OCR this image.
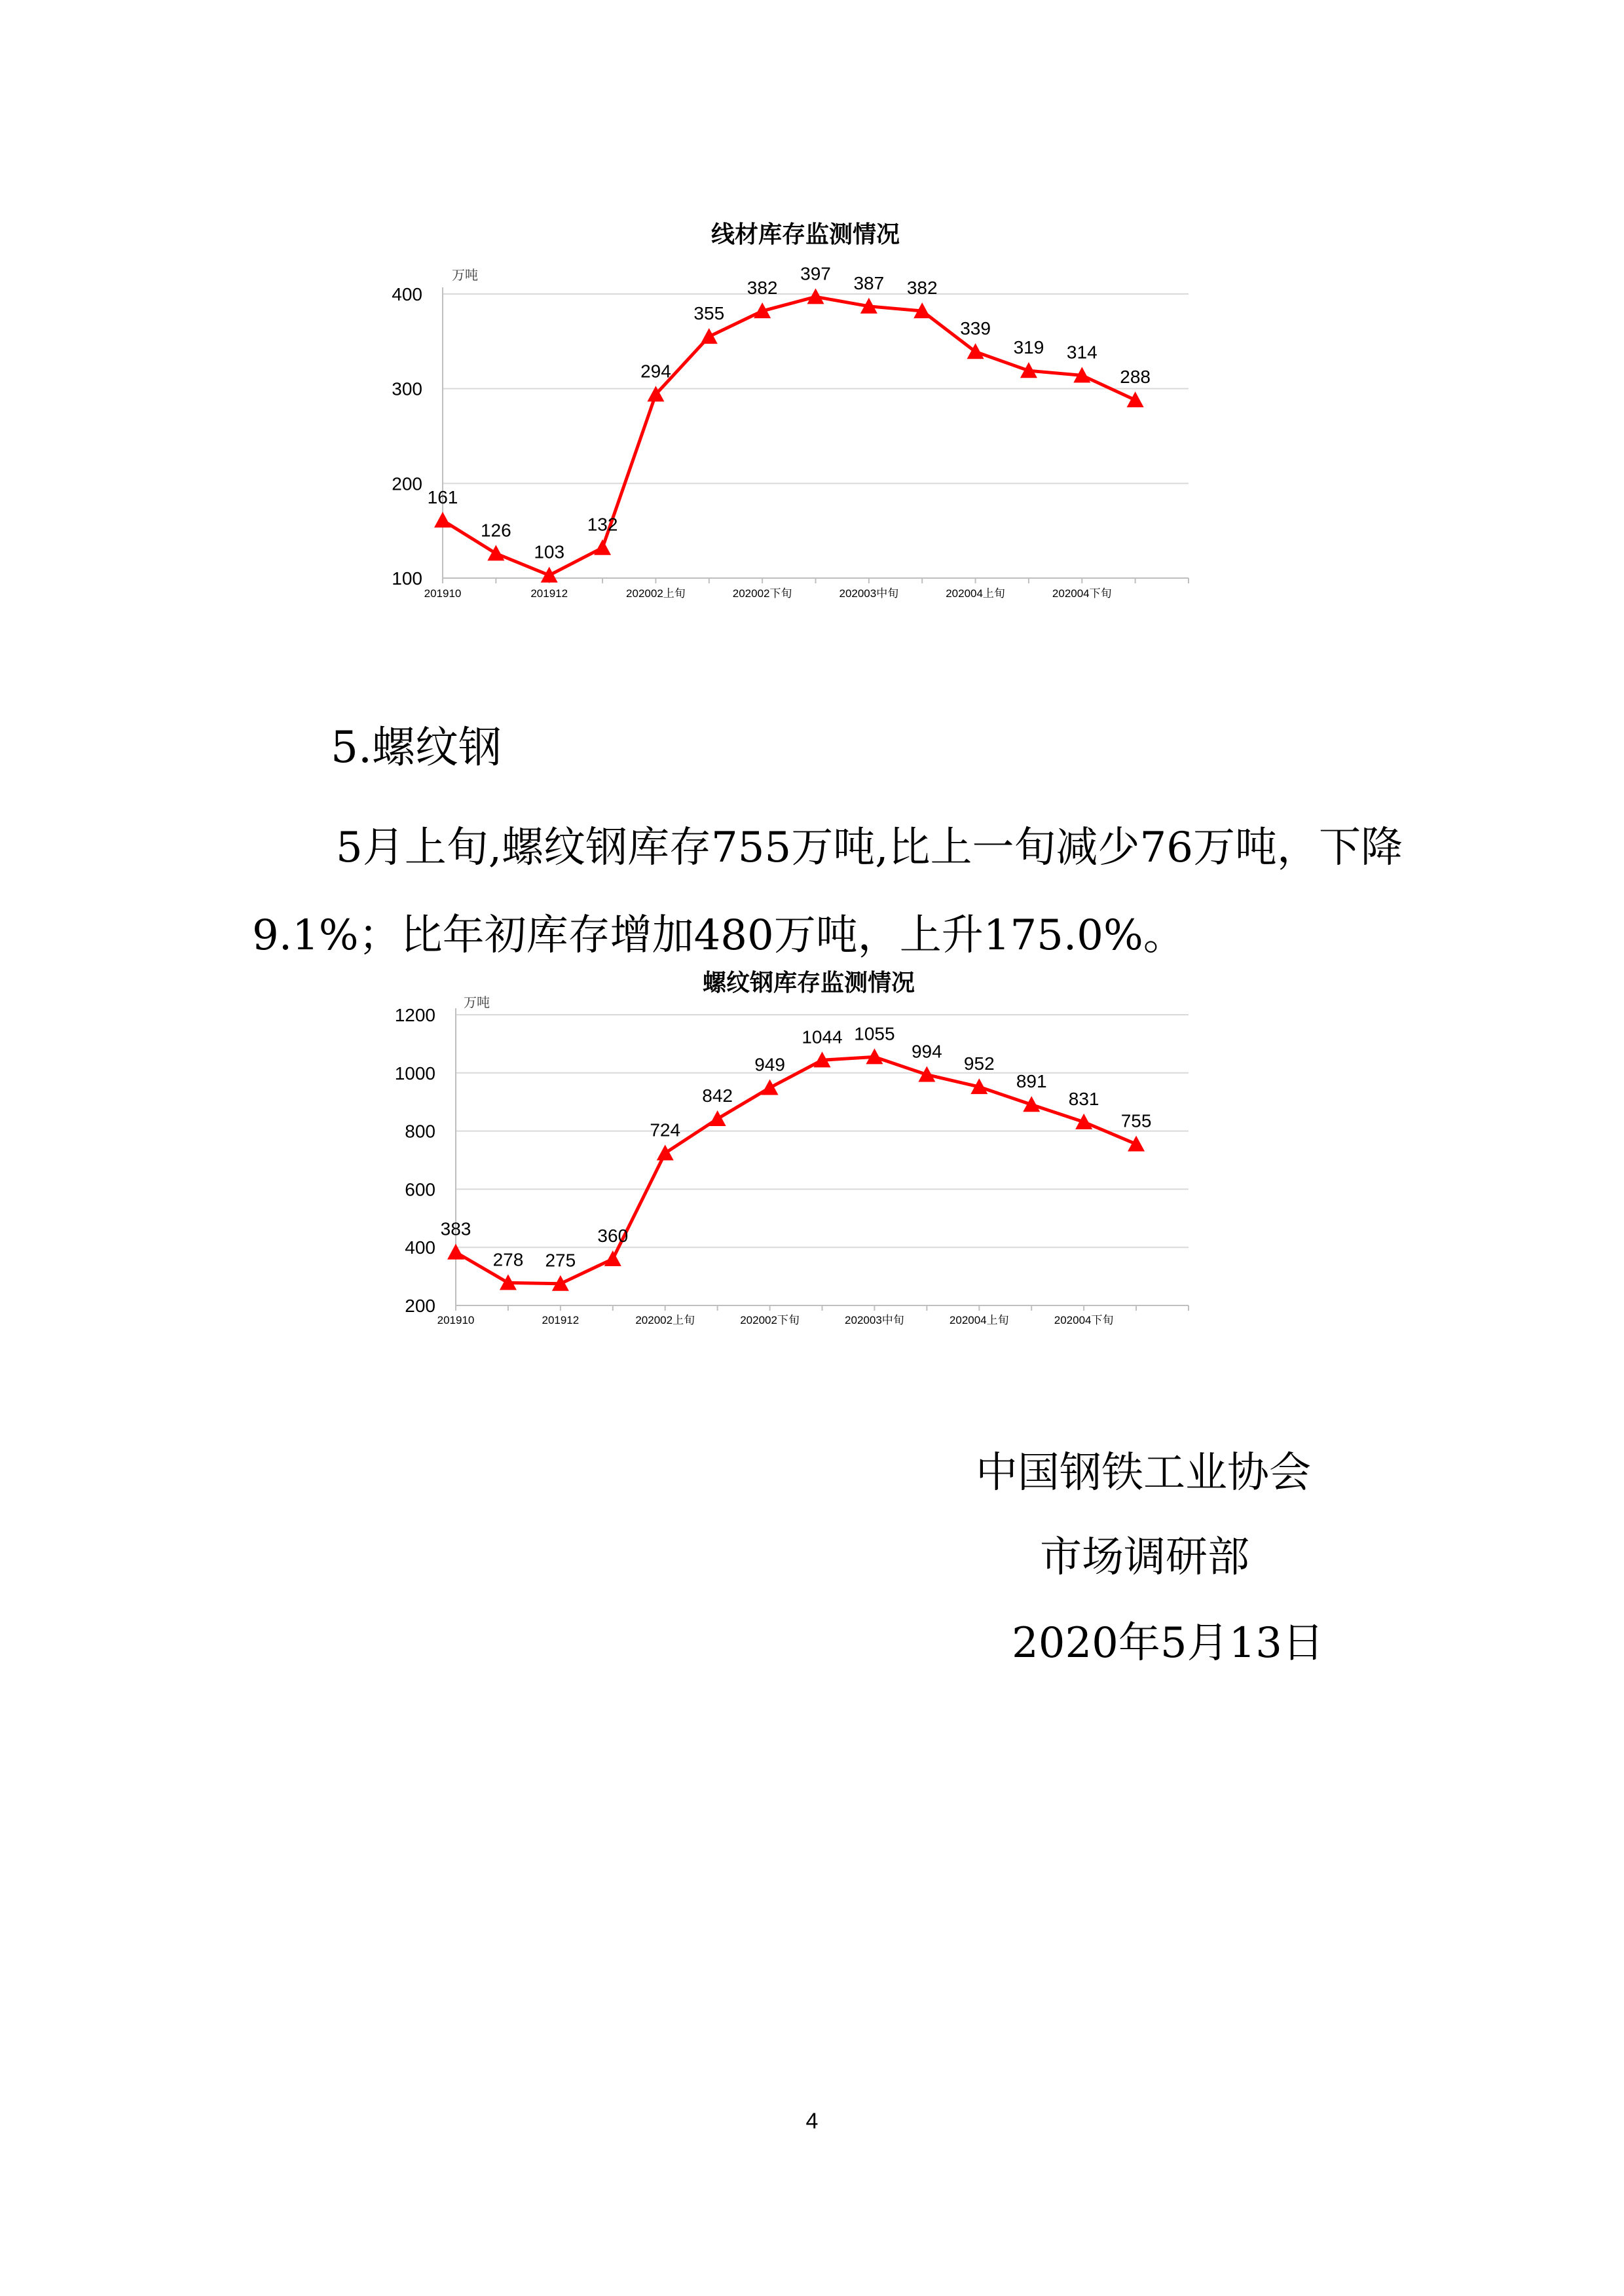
线材库存监测情况
万吨
100
200
300
400
201910	201912	202002上旬	202002下旬	202003中旬	202004上旬	202004下旬
161
126
103
132
294
355
382
397 387 382
339
319 314
288
螺纹钢库存监测情况
万吨
200
400
600
800
1000
1200
201910	201912	202002上旬	202002下旬	202003中旬	202004上旬	202004下旬
383
278 275
360
724
842
949
1044 1055
994
952
891
831
755
5.螺纹钢

5月上旬,螺纹钢库存755万吨,比上一旬减少76万吨，下降9.1%；比年初库存增加480万吨，上升175.0%。

中国钢铁工业协会
市场调研部
2020年5月13日
4
